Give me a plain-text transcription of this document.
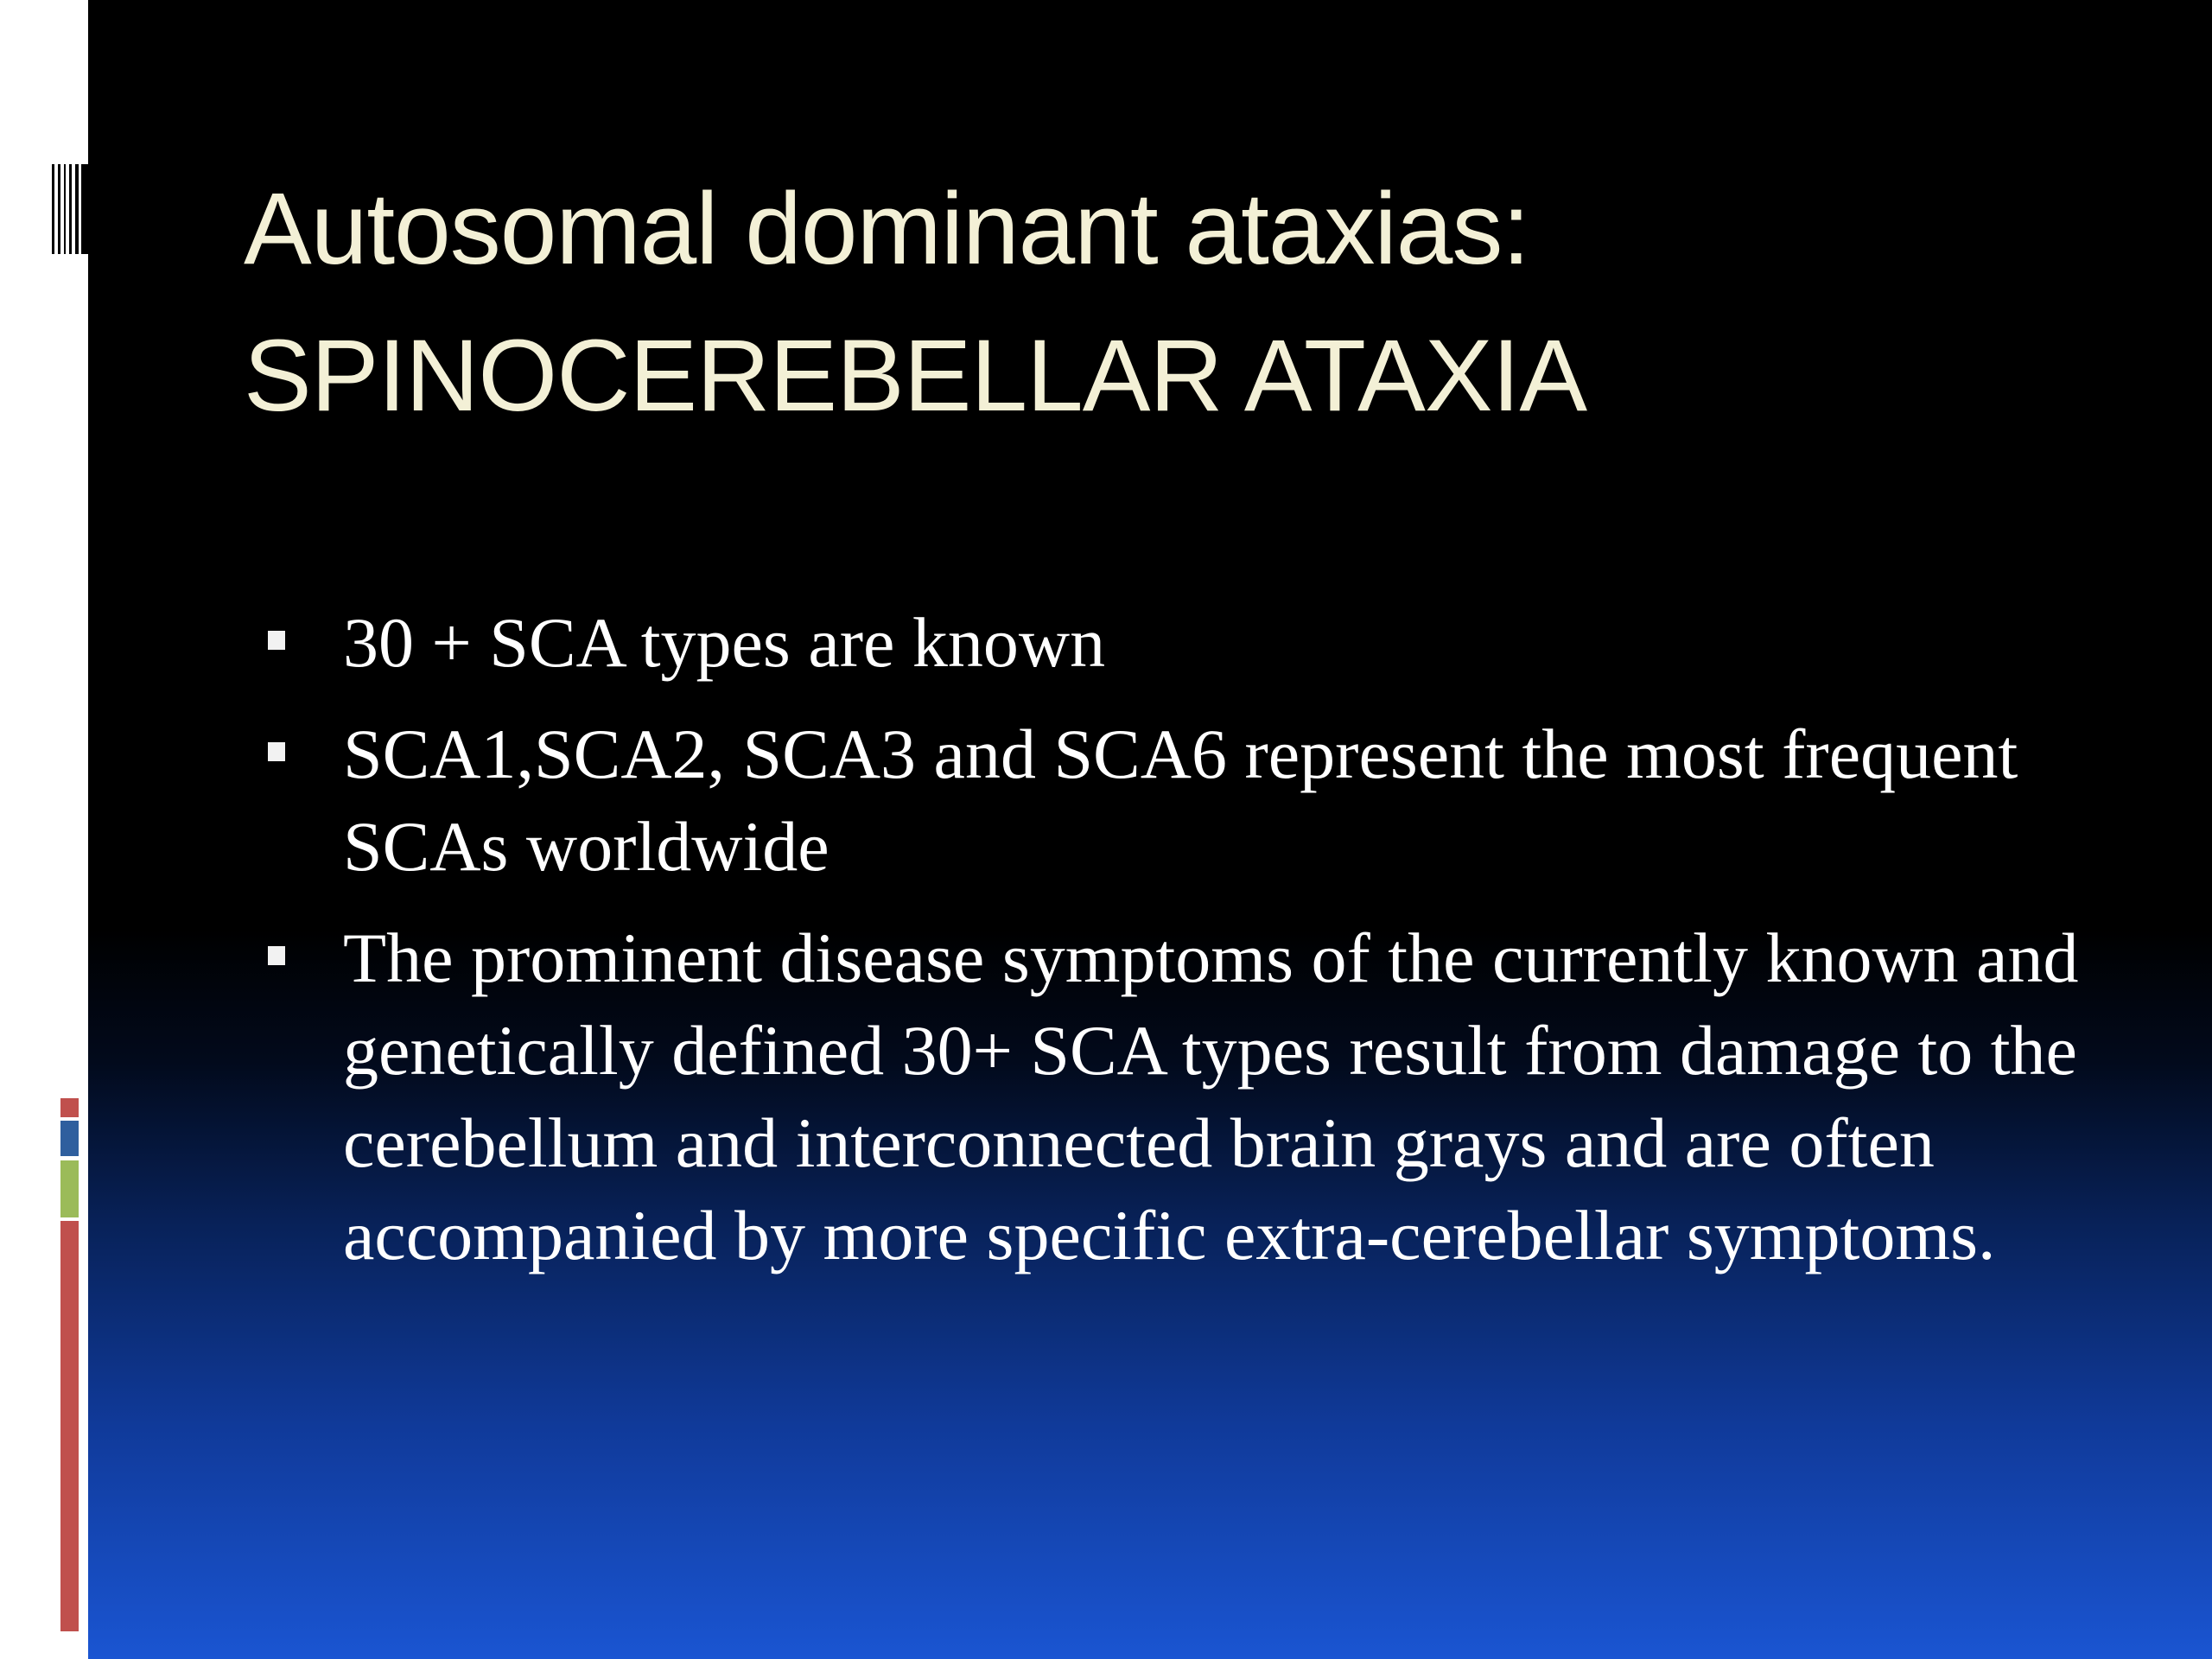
Autosomal dominant ataxias:
SPINOCEREBELLAR ATAXIA
30 + SCA types are known
SCA1,SCA2, SCA3 and SCA6 represent the most frequent SCAs worldwide
The prominent disease symptoms of the currently known and genetically defined 30+ SCA types result from damage to the cerebellum and interconnected brain grays and are often accompanied by more specific extra-cerebellar symptoms.
